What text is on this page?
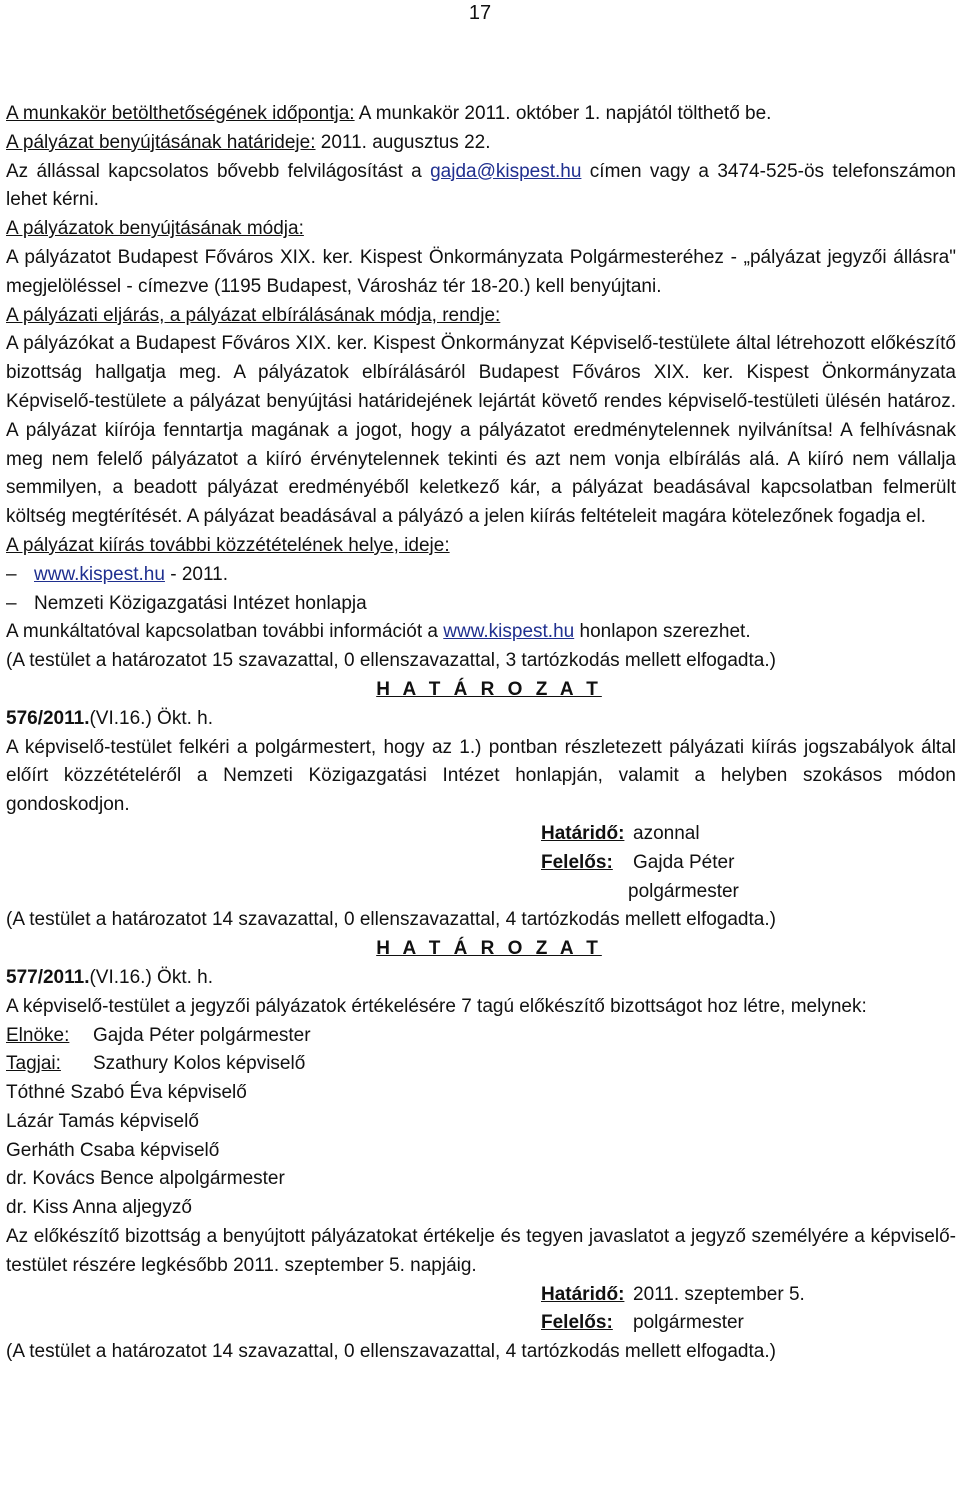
17

A munkakör betölthetőségének időpontja: A munkakör 2011. október 1. napjától tölthető be.

A pályázat benyújtásának határideje: 2011. augusztus 22.

Az állással kapcsolatos bővebb felvilágosítást a gajda@kispest.hu címen vagy a 3474-525-ös telefonszámon lehet kérni.

A pályázatok benyújtásának módja:

A pályázatot Budapest Főváros XIX. ker. Kispest Önkormányzata Polgármesteréhez - „pályázat jegyzői állásra" megjelöléssel - címezve (1195 Budapest, Városház tér 18-20.) kell benyújtani.

A pályázati eljárás, a pályázat elbírálásának módja, rendje:

A pályázókat a Budapest Főváros XIX. ker. Kispest Önkormányzat Képviselő-testülete által létrehozott előkészítő bizottság hallgatja meg. A pályázatok elbírálásáról Budapest Főváros XIX. ker. Kispest Önkormányzata Képviselő-testülete a pályázat benyújtási határidejének lejártát követő rendes képviselő-testületi ülésén határoz. A pályázat kiírója fenntartja magának a jogot, hogy a pályázatot eredménytelennek nyilvánítsa! A felhívásnak meg nem felelő pályázatot a kiíró érvénytelennek tekinti és azt nem vonja elbírálás alá. A kiíró nem vállalja semmilyen, a beadott pályázat eredményéből keletkező kár, a pályázat beadásával kapcsolatban felmerült költség megtérítését. A pályázat beadásával a pályázó a jelen kiírás feltételeit magára kötelezőnek fogadja el.

A pályázat kiírás további közzétételének helye, ideje:

– www.kispest.hu - 2011.

– Nemzeti Közigazgatási Intézet honlapja

A munkáltatóval kapcsolatban további információt a www.kispest.hu honlapon szerezhet.

(A testület a határozatot 15 szavazattal, 0 ellenszavazattal, 3 tartózkodás mellett elfogadta.)

H A T Á R O Z A T

576/2011.(VI.16.) Ökt. h.

A képviselő-testület felkéri a polgármestert, hogy az 1.) pontban részletezett pályázati kiírás jogszabályok által előírt közzétételéről a Nemzeti Közigazgatási Intézet honlapján, valamit a helyben szokásos módon gondoskodjon.

Határidő: azonnal
Felelős:	Gajda Péter
polgármester

(A testület a határozatot 14 szavazattal, 0 ellenszavazattal, 4 tartózkodás mellett elfogadta.)

H A T Á R O Z A T

577/2011.(VI.16.) Ökt. h.

A képviselő-testület a jegyzői pályázatok értékelésére 7 tagú előkészítő bizottságot hoz létre, melynek:

Elnöke:	Gajda Péter polgármester
Tagjai:	Szathury Kolos képviselő

Tóthné Szabó Éva képviselő

Lázár Tamás képviselő

Gerháth Csaba képviselő

dr. Kovács Bence alpolgármester

dr. Kiss Anna aljegyző

Az előkészítő bizottság a benyújtott pályázatokat értékelje és tegyen javaslatot a jegyző személyére a képviselő-testület részére legkésőbb 2011. szeptember 5. napjáig.

Határidő: 2011. szeptember 5.
Felelős:	polgármester

(A testület a határozatot 14 szavazattal, 0 ellenszavazattal, 4 tartózkodás mellett elfogadta.)
